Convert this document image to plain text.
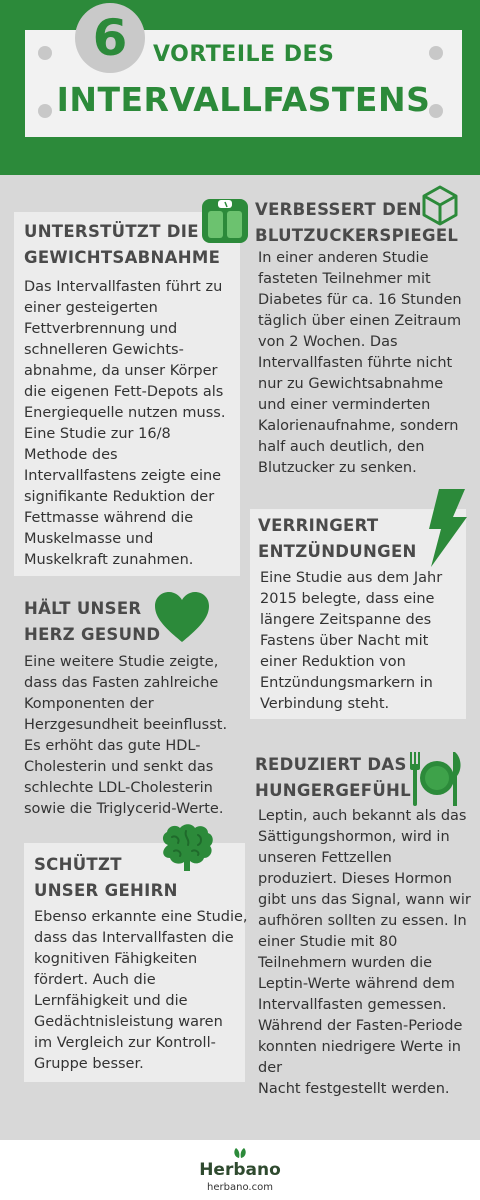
6	VORTEILE DES
INTERVALLFASTENS
UNTERSTÜTZT DIE
GEWICHTSABNAHME
Das Intervallfasten führt zu
einer gesteigerten
Fettverbrennung und
schnelleren Gewichts-
abnahme, da unser Körper
die eigenen Fett-Depots als
Energiequelle nutzen muss.
Eine Studie zur 16/8
Methode des
Intervallfastens zeigte eine
signifikante Reduktion der
Fettmasse während die
Muskelmasse und
Muskelkraft zunahmen.
VERBESSERT DEN
BLUTZUCKERSPIEGEL
In einer anderen Studie
fasteten Teilnehmer mit
Diabetes für ca. 16 Stunden
täglich über einen Zeitraum
von 2 Wochen. Das
Intervallfasten führte nicht
nur zu Gewichtsabnahme
und einer verminderten
Kalorienaufnahme, sondern
half auch deutlich, den
Blutzucker zu senken.
VERRINGERT
ENTZÜNDUNGEN
Eine Studie aus dem Jahr
2015 belegte, dass eine
längere Zeitspanne des
Fastens über Nacht mit
einer Reduktion von
Entzündungsmarkern in
Verbindung steht.
HÄLT UNSER
HERZ GESUND
Eine weitere Studie zeigte,
dass das Fasten zahlreiche
Komponenten der
Herzgesundheit beeinflusst.
Es erhöht das gute HDL-
Cholesterin und senkt das
schlechte LDL-Cholesterin
sowie die Triglycerid-Werte.
REDUZIERT DAS
HUNGERGEFÜHL
Leptin, auch bekannt als das
Sättigungshormon, wird in
unseren Fettzellen
produziert. Dieses Hormon
gibt uns das Signal, wann wir
aufhören sollten zu essen. In
einer Studie mit 80
Teilnehmern wurden die
Leptin-Werte während dem
Intervallfasten gemessen.
Während der Fasten-Periode
konnten niedrigere Werte in
der
Nacht festgestellt werden.
SCHÜTZT
UNSER GEHIRN
Ebenso erkannte eine Studie,
dass das Intervallfasten die
kognitiven Fähigkeiten
fördert. Auch die
Lernfähigkeit und die
Gedächtnisleistung waren
im Vergleich zur Kontroll-
Gruppe besser.
Herbano
herbano.com
